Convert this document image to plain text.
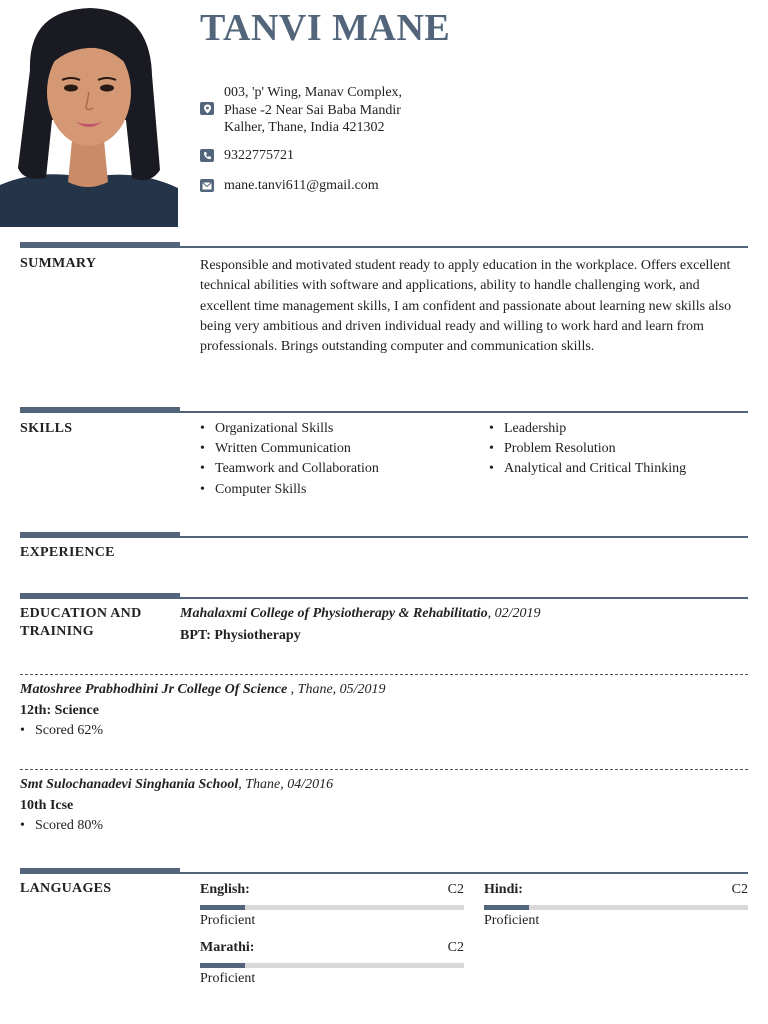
TANVI MANE
003, 'p' Wing, Manav Complex,
Phase -2 Near Sai Baba Mandir
Kalher, Thane, India 421302
9322775721
mane.tanvi611@gmail.com
SUMMARY	Responsible and motivated student ready to apply education in the workplace. Offers excellent technical abilities with software and applications, ability to handle challenging work, and excellent time management skills, I am confident and passionate about learning new skills also being very ambitious and driven individual ready and willing to work hard and learn from professionals. Brings outstanding computer and communication skills.
SKILLS	• Organizational Skills
• Written Communication
• Teamwork and Collaboration
• Computer Skills
• Leadership
• Problem Resolution
• Analytical and Critical Thinking
EXPERIENCE
EDUCATION AND
TRAINING
Mahalaxmi College of Physiotherapy & Rehabilitatio, 02/2019
BPT: Physiotherapy
Matoshree Prabhodhini Jr College Of Science , Thane, 05/2019
12th: Science
• Scored 62%
Smt Sulochanadevi Singhania School, Thane, 04/2016
10th Icse
• Scored 80%
LANGUAGES	English:	C2
Proficient
Hindi:	C2
Proficient
Marathi:	C2
Proficient
